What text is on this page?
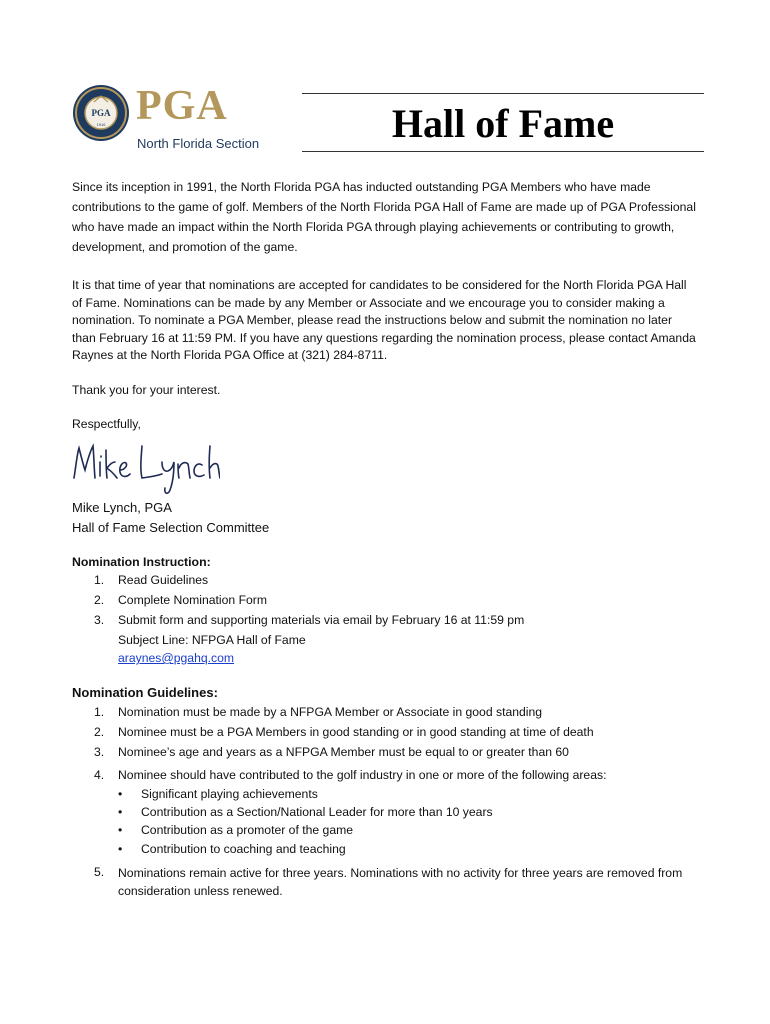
PGA
1916 PGA
North Florida Section	Hall of Fame
Since its inception in 1991, the North Florida PGA has inducted outstanding PGA Members who have made
contributions to the game of golf. Members of the North Florida PGA Hall of Fame are made up of PGA Professional
who have made an impact within the North Florida PGA through playing achievements or contributing to growth,
development, and promotion of the game.
It is that time of year that nominations are accepted for candidates to be considered for the North Florida PGA Hall
of Fame. Nominations can be made by any Member or Associate and we encourage you to consider making a
nomination. To nominate a PGA Member, please read the instructions below and submit the nomination no later
than February 16 at 11:59 PM. If you have any questions regarding the nomination process, please contact Amanda
Raynes at the North Florida PGA Office at (321) 284-8711.
Thank you for your interest.
Respectfully,
Mike Lynch, PGA
Hall of Fame Selection Committee
Nomination Instruction:
1.	Read Guidelines
2.	Complete Nomination Form
3.	Submit form and supporting materials via email by February 16 at 11:59 pm
Subject Line: NFPGA Hall of Fame
araynes@pgahq.com
Nomination Guidelines:
1.	Nomination must be made by a NFPGA Member or Associate in good standing
2.	Nominee must be a PGA Members in good standing or in good standing at time of death
3.	Nominee’s age and years as a NFPGA Member must be equal to or greater than 60
4.	Nominee should have contributed to the golf industry in one or more of the following areas:
• Significant playing achievements
• Contribution as a Section/National Leader for more than 10 years
• Contribution as a promoter of the game
• Contribution to coaching and teaching
5.	Nominations remain active for three years. Nominations with no activity for three years are removed from consideration unless renewed.
